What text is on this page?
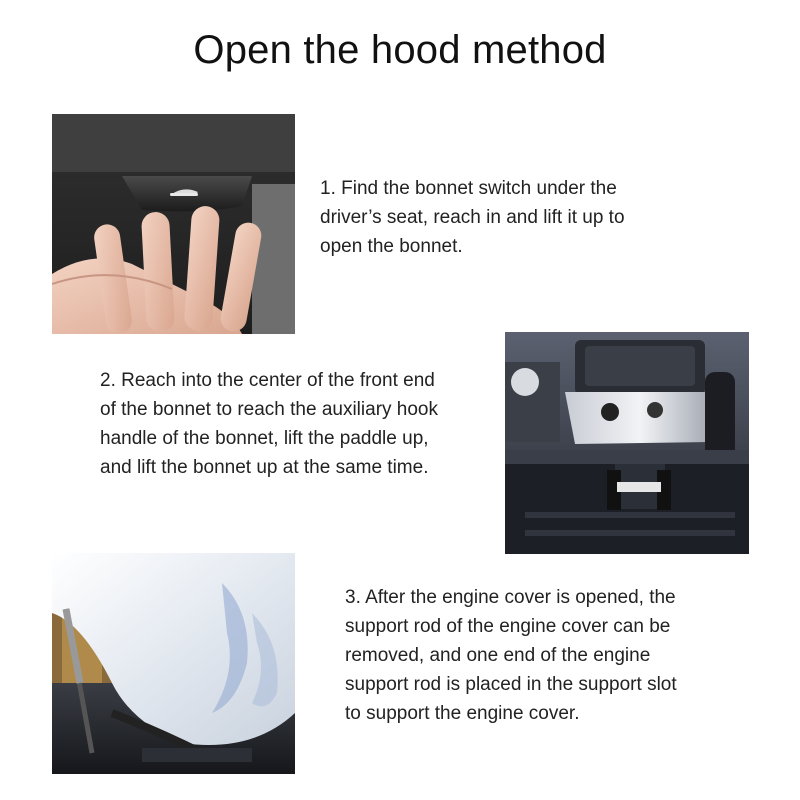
Open the hood method
1. Find the bonnet switch under the
driver’s seat, reach in and lift it up to
open the bonnet.
2. Reach into the center of the front end
of the bonnet to reach the auxiliary hook
handle of the bonnet, lift the paddle up,
and lift the bonnet up at the same time.
3. After the engine cover is opened, the
support rod of the engine cover can be
removed, and one end of the engine
support rod is placed in the support slot
to support the engine cover.
